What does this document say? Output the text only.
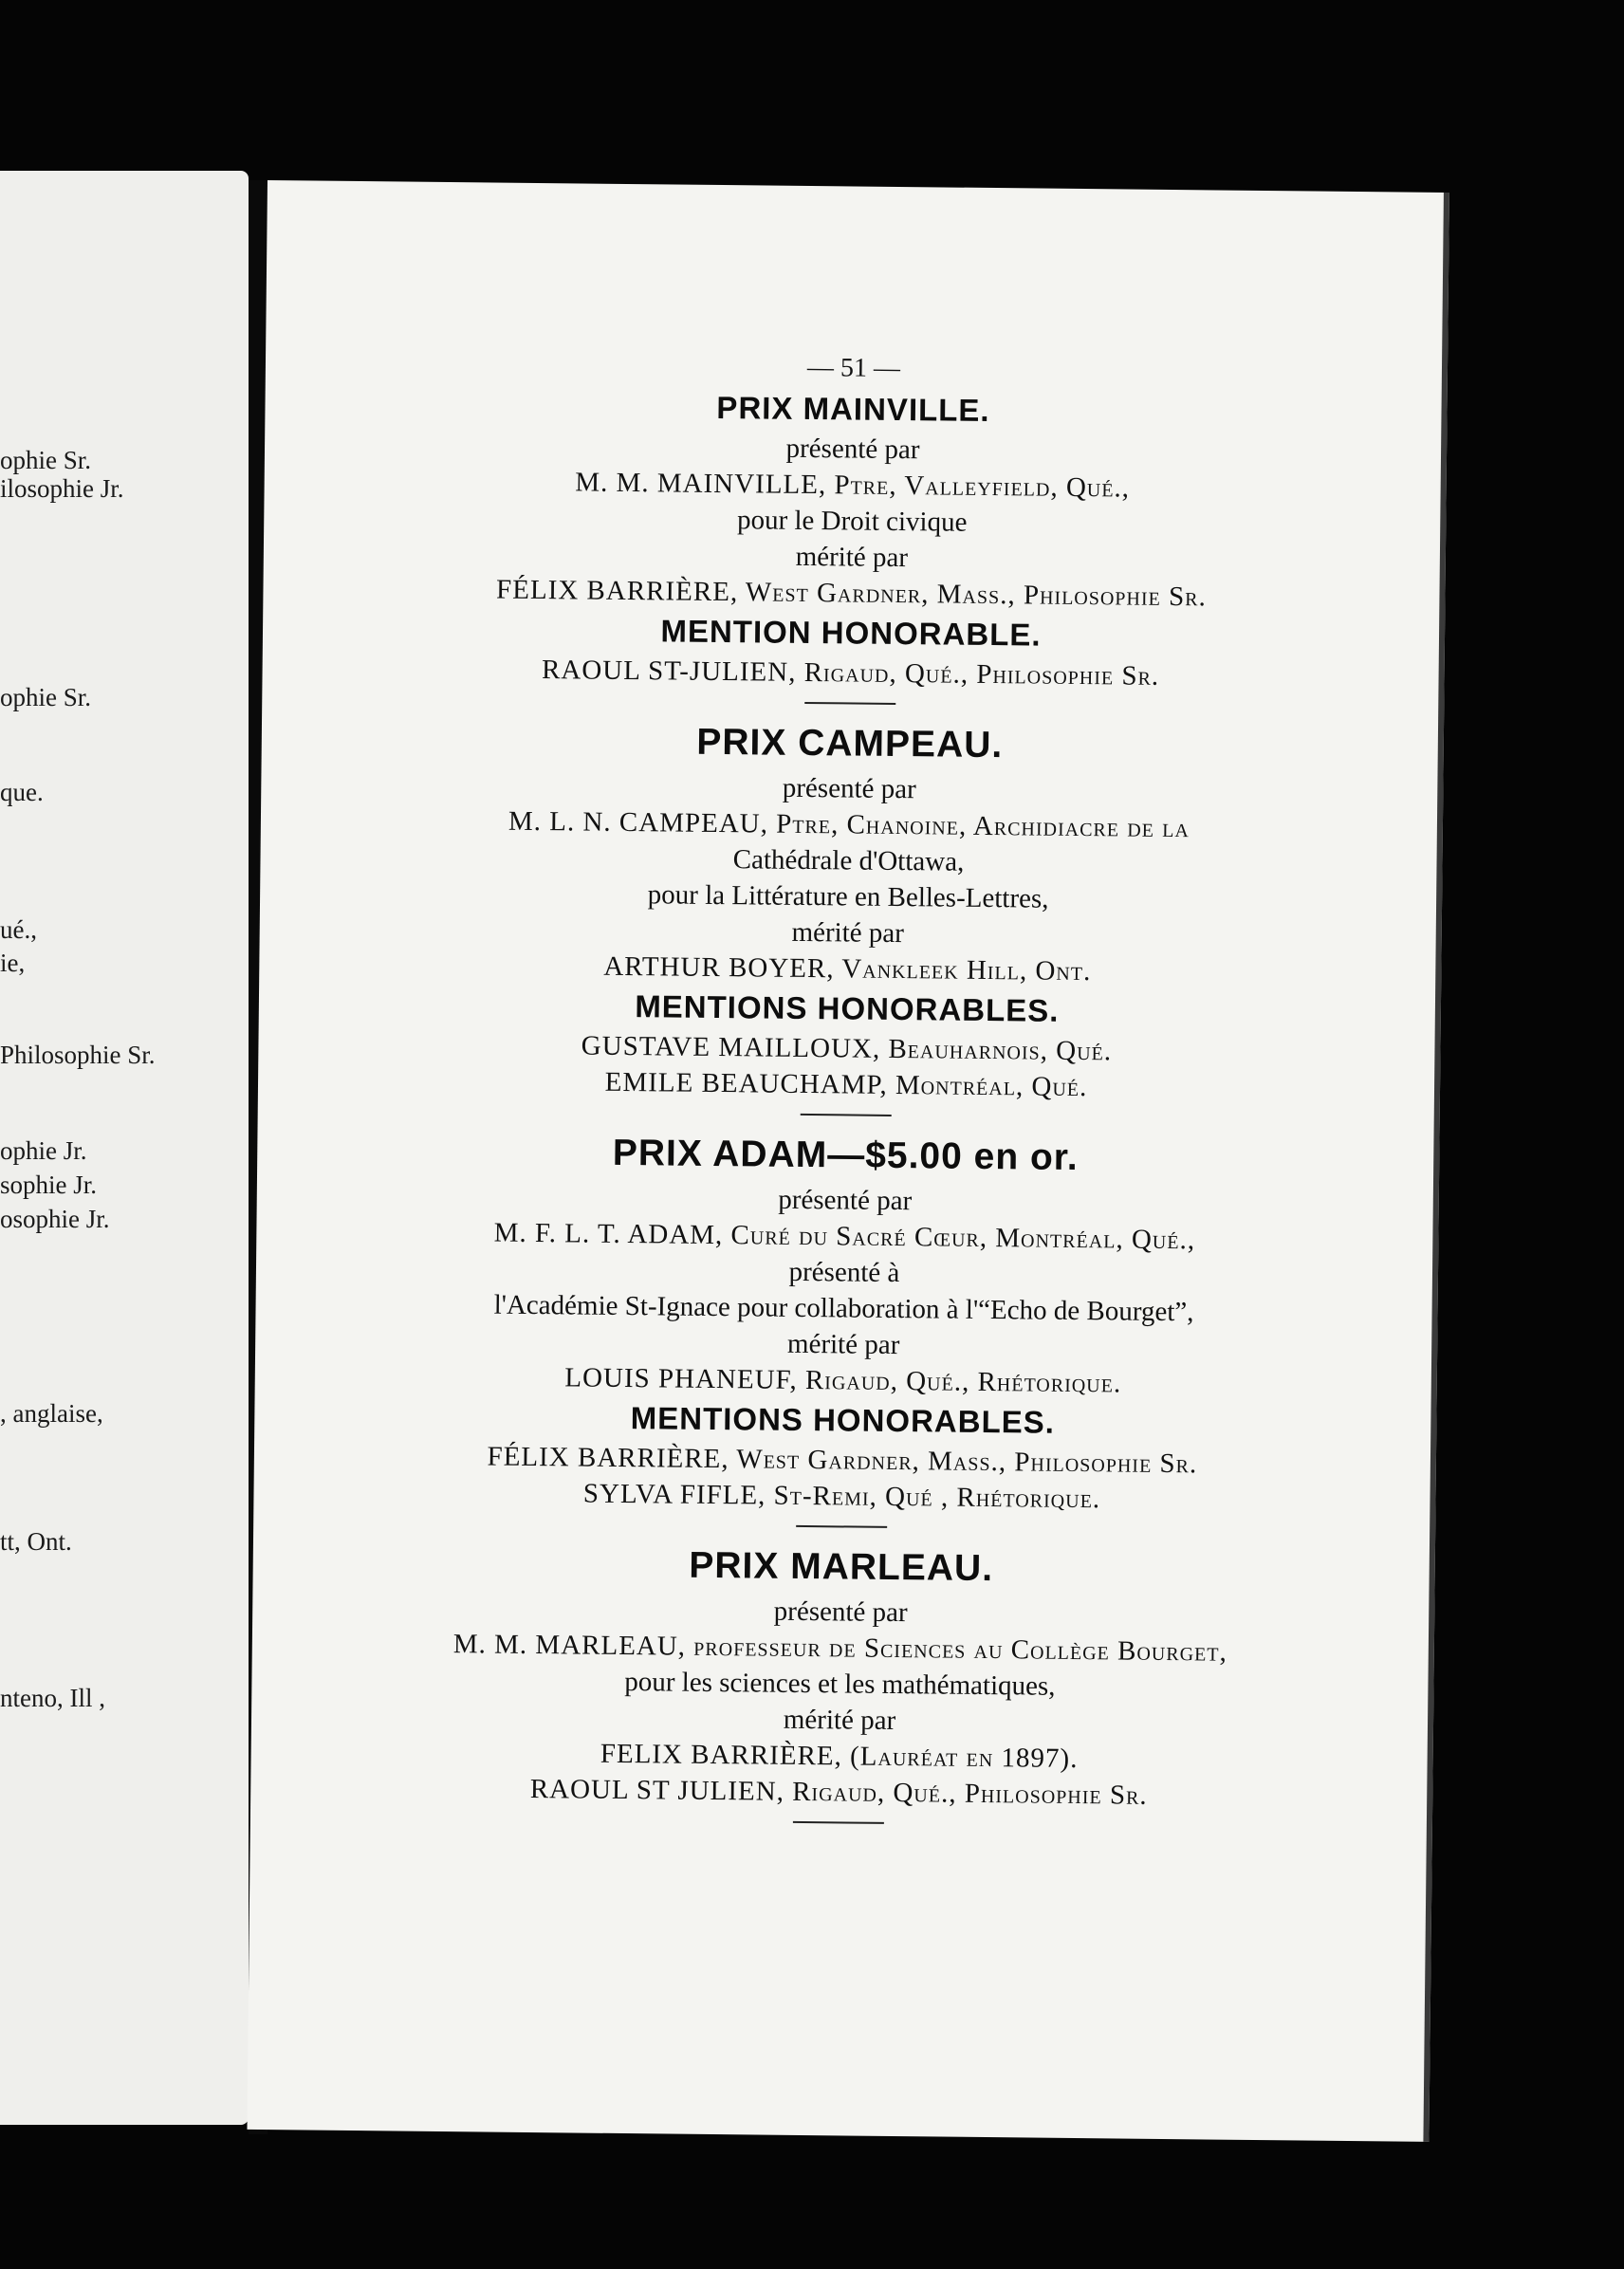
ophie Sr.
ilosophie Jr.
ophie Sr.
que.
ué.,
ie,
Philosophie Sr.
ophie Jr.
sophie Jr.
osophie Jr.
, anglaise,
tt, Ont.
nteno, Ill ,
— 51 —
PRIX MAINVILLE.
présenté par
M. M. MAINVILLE, Ptre, Valleyfield, Qué.,
pour le Droit civique
mérité par
FÉLIX BARRIÈRE, West Gardner, Mass., Philosophie Sr.
MENTION HONORABLE.
RAOUL ST-JULIEN, Rigaud, Qué., Philosophie Sr.
PRIX CAMPEAU.
présenté par
M. L. N. CAMPEAU, Ptre, Chanoine, Archidiacre de la
Cathédrale d'Ottawa,
pour la Littérature en Belles-Lettres,
mérité par
ARTHUR BOYER, Vankleek Hill, Ont.
MENTIONS HONORABLES.
GUSTAVE MAILLOUX, Beauharnois, Qué.
EMILE BEAUCHAMP, Montréal, Qué.
PRIX ADAM—$5.00 en or.
présenté par
M. F. L. T. ADAM, Curé du Sacré Cœur, Montréal, Qué.,
présenté à
l'Académie St-Ignace pour collaboration à l'“Echo de Bourget”,
mérité par
LOUIS PHANEUF, Rigaud, Qué., Rhétorique.
MENTIONS HONORABLES.
FÉLIX BARRIÈRE, West Gardner, Mass., Philosophie Sr.
SYLVA FIFLE, St-Remi, Qué , Rhétorique.
PRIX MARLEAU.
présenté par
M. M. MARLEAU, professeur de Sciences au Collège Bourget,
pour les sciences et les mathématiques,
mérité par
FELIX BARRIÈRE, (Lauréat en 1897).
RAOUL ST JULIEN, Rigaud, Qué., Philosophie Sr.
